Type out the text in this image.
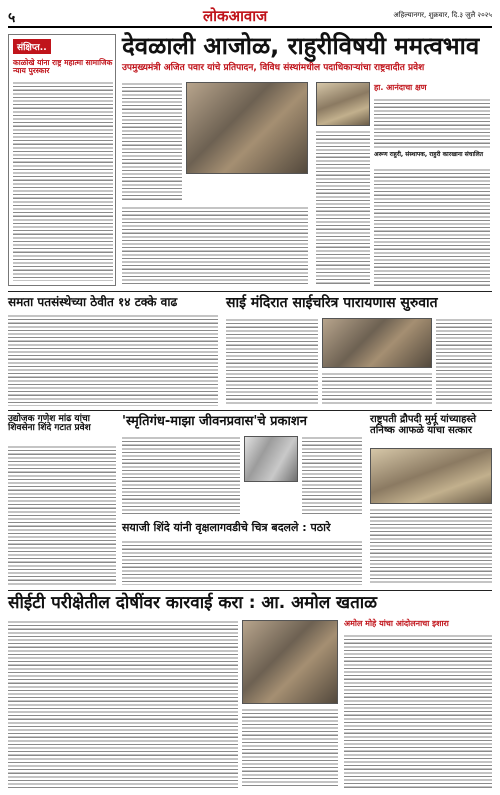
५	लोकआवाज	अहिल्यानगर, शुक्रवार, दि.३ जुलै २०२५
संक्षिप्त..
काळोखे यांना राष्ट्र महात्मा सामाजिक न्याय पुरस्कार
देवळाली आजोळ, राहुरीविषयी ममत्वभाव
उपमुख्यमंत्री अजित पवार यांचे प्रतिपादन, विविध संस्थांमधील पदाधिकाऱ्यांचा राष्ट्रवादीत प्रवेश
हा. आनंदाचा क्षण
अरूण राहुरी, संस्थापक, राहुरी कारखाना संचालित
समता पतसंस्थेच्या ठेवीत १४ टक्के वाढ	साई मंदिरात साईचरित्र पारायणास सुरुवात
उद्योजक गणेश मांढ यांचा शिवसेना शिंदे गटात प्रवेश	'स्मृतिगंध-माझा जीवनप्रवास'चे प्रकाशन	राष्ट्रपती द्रौपदी मुर्मू यांच्याहस्ते तनिष्क आफळे यांचा सत्कार
सयाजी शिंदे यांनी वृक्षलागवडीचे चित्र बदलले : पठारे
सीईटी परीक्षेतील दोषींवर कारवाई करा : आ. अमोल खताळ
अमोल मोहे यांचा आंदोलनाचा इशारा
